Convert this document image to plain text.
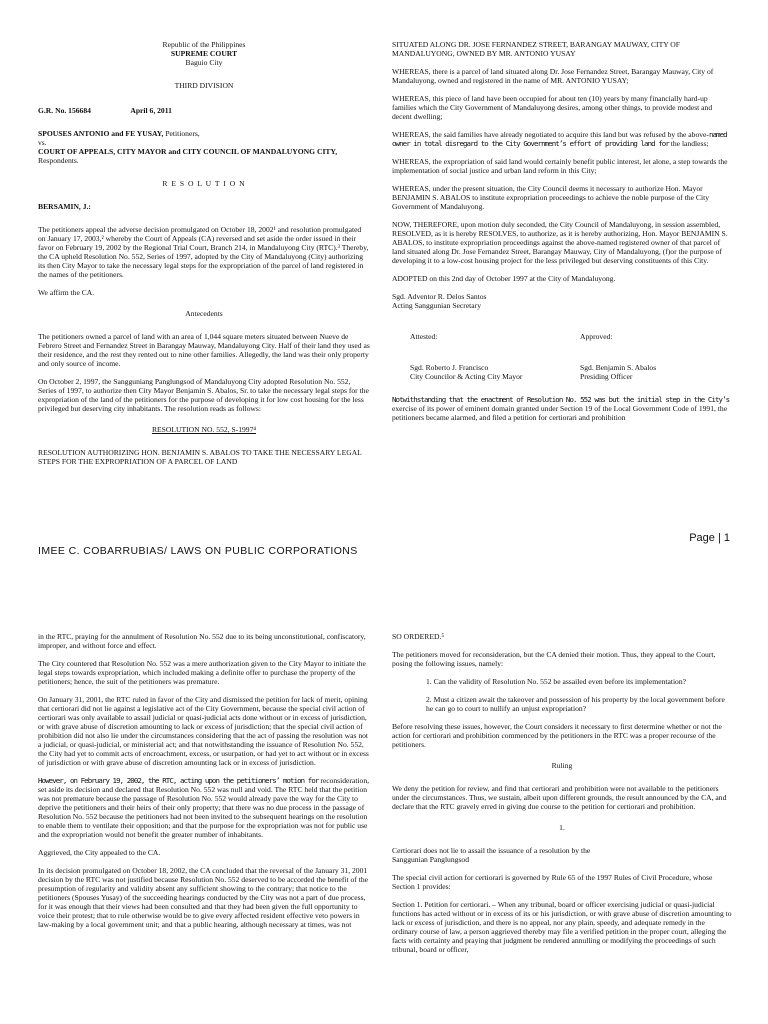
Republic of the Philippines
SUPREME COURT
Baguio City
THIRD DIVISION
G.R. No. 156684	April 6, 2011
SPOUSES ANTONIO and FE YUSAY, Petitioners,
vs.
COURT OF APPEALS, CITY MAYOR and CITY COUNCIL OF MANDALUYONG CITY, Respondents.
R E S O L U T I O N

BERSAMIN, J.:

The petitioners appeal the adverse decision promulgated on October 18, 2002¹ and resolution promulgated on January 17, 2003,² whereby the Court of Appeals (CA) reversed and set aside the order issued in their favor on February 19, 2002 by the Regional Trial Court, Branch 214, in Mandaluyong City (RTC).³ Thereby, the CA upheld Resolution No. 552, Series of 1997, adopted by the City of Mandaluyong (City) authorizing its then City Mayor to take the necessary legal steps for the expropriation of the parcel of land registered in the names of the petitioners.

We affirm the CA.

Antecedents

The petitioners owned a parcel of land with an area of 1,044 square meters situated between Nueve de Febrero Street and Fernandez Street in Barangay Mauway, Mandaluyong City. Half of their land they used as their residence, and the rest they rented out to nine other families. Allegedly, the land was their only property and only source of income.

On October 2, 1997, the Sangguniang Panglungsod of Mandaluyong City adopted Resolution No. 552, Series of 1997, to authorize then City Mayor Benjamin S. Abalos, Sr. to take the necessary legal steps for the expropriation of the land of the petitioners for the purpose of developing it for low cost housing for the less privileged but deserving city inhabitants. The resolution reads as follows:

RESOLUTION NO. 552, S-1997⁴

RESOLUTION AUTHORIZING HON. BENJAMIN S. ABALOS TO TAKE THE NECESSARY LEGAL STEPS FOR THE EXPROPRIATION OF A PARCEL OF LAND

SITUATED ALONG DR. JOSE FERNANDEZ STREET, BARANGAY MAUWAY, CITY OF MANDALUYONG, OWNED BY MR. ANTONIO YUSAY

WHEREAS, there is a parcel of land situated along Dr. Jose Fernandez Street, Barangay Mauway, City of Mandaluyong, owned and registered in the name of MR. ANTONIO YUSAY;

WHEREAS, this piece of land have been occupied for about ten (10) years by many financially hard-up families which the City Government of Mandaluyong desires, among other things, to provide modest and decent dwelling;

WHEREAS, the said families have already negotiated to acquire this land but was refused by the above-named owner in total disregard to the City Government’s effort of providing land for the landless;

WHEREAS, the expropriation of said land would certainly benefit public interest, let alone, a step towards the implementation of social justice and urban land reform in this City;

WHEREAS, under the present situation, the City Council deems it necessary to authorize Hon. Mayor BENJAMIN S. ABALOS to institute expropriation proceedings to achieve the noble purpose of the City Government of Mandaluyong.

NOW, THEREFORE, upon motion duly seconded, the City Council of Mandaluyong, in session assembled, RESOLVED, as it is hereby RESOLVES, to authorize, as it is hereby authorizing, Hon. Mayor BENJAMIN S. ABALOS, to institute expropriation proceedings against the above-named registered owner of that parcel of land situated along Dr. Jose Fernandez Street, Barangay Mauway, City of Mandaluyong, (f)or the purpose of developing it to a low-cost housing project for the less privileged but deserving constituents of this City.

ADOPTED on this 2nd day of October 1997 at the City of Mandaluyong.

Sgd. Adventor R. Delos Santos
Acting Sanggunian Secretary
Attested:
Sgd. Roberto J. Francisco
City Councilor & Acting City Mayor
Approved:
Sgd. Benjamin S. Abalos
Presiding Officer

Notwithstanding that the enactment of Resolution No. 552 was but the initial step in the City’s exercise of its power of eminent domain granted under Section 19 of the Local Government Code of 1991, the petitioners became alarmed, and filed a petition for certiorari and prohibition

Page | 1
IMEE C. COBARRUBIAS/ LAWS ON PUBLIC CORPORATIONS

in the RTC, praying for the annulment of Resolution No. 552 due to its being unconstitutional, confiscatory, improper, and without force and effect.

The City countered that Resolution No. 552 was a mere authorization given to the City Mayor to initiate the legal steps towards expropriation, which included making a definite offer to purchase the property of the petitioners; hence, the suit of the petitioners was premature.

On January 31, 2001, the RTC ruled in favor of the City and dismissed the petition for lack of merit, opining that certiorari did not lie against a legislative act of the City Government, because the special civil action of certiorari was only available to assail judicial or quasi-judicial acts done without or in excess of jurisdiction, or with grave abuse of discretion amounting to lack or excess of jurisdiction; that the special civil action of prohibition did not also lie under the circumstances considering that the act of passing the resolution was not a judicial, or quasi-judicial, or ministerial act; and that notwithstanding the issuance of Resolution No. 552, the City had yet to commit acts of encroachment, excess, or usurpation, or had yet to act without or in excess of jurisdiction or with grave abuse of discretion amounting lack or in excess of jurisdiction.

However, on February 19, 2002, the RTC, acting upon the petitioners’ motion for reconsideration, set aside its decision and declared that Resolution No. 552 was null and void. The RTC held that the petition was not premature because the passage of Resolution No. 552 would already pave the way for the City to deprive the petitioners and their heirs of their only property; that there was no due process in the passage of Resolution No. 552 because the petitioners had not been invited to the subsequent hearings on the resolution to enable them to ventilate their opposition; and that the purpose for the expropriation was not for public use and the expropriation would not benefit the greater number of inhabitants.

Aggrieved, the City appealed to the CA.

In its decision promulgated on October 18, 2002, the CA concluded that the reversal of the January 31, 2001 decision by the RTC was not justified because Resolution No. 552 deserved to be accorded the benefit of the presumption of regularity and validity absent any sufficient showing to the contrary; that notice to the petitioners (Spouses Yusay) of the succeeding hearings conducted by the City was not a part of due process, for it was enough that their views had been consulted and that they had been given the full opportunity to voice their protest; that to rule otherwise would be to give every affected resident effective veto powers in law-making by a local government unit; and that a public hearing, although necessary at times, was not

SO ORDERED.⁵

The petitioners moved for reconsideration, but the CA denied their motion. Thus, they appeal to the Court, posing the following issues, namely:

1. Can the validity of Resolution No. 552 be assailed even before its implementation?

2. Must a citizen await the takeover and possession of his property by the local government before he can go to court to nullify an unjust expropriation?

Before resolving these issues, however, the Court considers it necessary to first determine whether or not the action for certiorari and prohibition commenced by the petitioners in the RTC was a proper recourse of the petitioners.

Ruling

We deny the petition for review, and find that certiorari and prohibition were not available to the petitioners under the circumstances. Thus, we sustain, albeit upon different grounds, the result announced by the CA, and declare that the RTC gravely erred in giving due course to the petition for certiorari and prohibition.

1.

Certiorari does not lie to assail the issuance of a resolution by the Sanggunian Panglungsod

The special civil action for certiorari is governed by Rule 65 of the 1997 Rules of Civil Procedure, whose Section 1 provides:

Section 1. Petition for certiorari. – When any tribunal, board or officer exercising judicial or quasi-judicial functions has acted without or in excess of its or his jurisdiction, or with grave abuse of discretion amounting to lack or excess of jurisdiction, and there is no appeal, nor any plain, speedy, and adequate remedy in the ordinary course of law, a person aggrieved thereby may file a verified petition in the proper court, alleging the facts with certainty and praying that judgment be rendered annulling or modifying the proceedings of such tribunal, board or officer,
